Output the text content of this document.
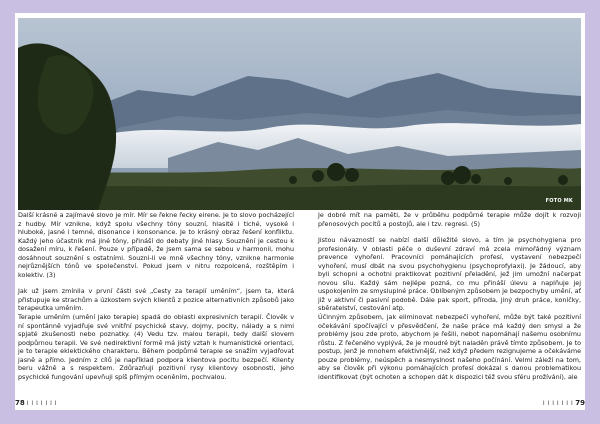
FOTO MK

Další krásné a zajímavé slovo je mír. Mír se řekne řecky eirene. Je to slovo pocházející z hudby. Mír vznikne, když spolu všechny tóny souzní, hlasité i tiché, vysoké i hluboké, jasné i temné, disonance i konsonance. Je to krásný obraz řešení konfliktu. Každý jeho účastník má jiné tóny, přináší do debaty jiné hlasy. Souznění je cestou k dosažení míru, k řešení. Pouze v případě, že jsem sama se sebou v harmonii, mohu dosáhnout souznění s ostatními. Souzni-li ve mně všechny tóny, vznikne harmonie nejrůznějších tónů ve společenství. Pokud jsem v nitru rozpolcená, rozštěpím i kolektiv. (3)

Jak už jsem zmínila v první části své „Cesty za terapií uměním“, jsem ta, která přistupuje ke strachům a úzkostem svých klientů z pozice alternativních způsobů jako terapeutka uměním.

Terapie uměním (umění jako terapie) spadá do oblasti expresivních terapií. Člověk v ní spontánně vyjadřuje své vnitřní psychické stavy, dojmy, pocity, nálady a s nimi spjaté zkušenosti nebo poznatky. (4) Vedu tzv. malou terapii, tedy další slovem podpůrnou terapii. Ve své nedirektivní formě má jistý vztah k humanistické orientaci, je to terapie eklektického charakteru. Během podpůrné terapie se snažím vyjadřovat jasně a přímo. Jedním z cílů je například podpora klientova pocitu bezpečí. Klienty beru vážně a s respektem. Zdůrazňuji pozitivní rysy klientovy osobnosti, jeho psychické fungování upevňuji spíš přímým oceněním, pochvalou.

Je dobré mít na paměti, že v průběhu podpůrné terapie může dojít k rozvoji přenosových pocitů a postojů, ale i tzv. regresi. (5)

Jistou návazností se nabízí další důležité slovo, a tím je psychohygiena pro profesionály. V oblasti péče o duševní zdraví má zcela mimořádný význam prevence vyhoření. Pracovníci pomáhajících profesí, vystavení nebezpečí vyhoření, musí dbát na svou psychohygienu (psychoprofylaxi). Je žádoucí, aby byli schopni a ochotni praktikovat pozitivní přeladění, jež jim umožní načerpat novou sílu. Každý sám nejlépe pozná, co mu přináší úlevu a naplňuje jej uspokojením ze smysluplné práce. Oblíbeným způsobem je bezpochyby umění, ať již v aktivní či pasivní podobě. Dále pak sport, příroda, jiný druh práce, koníčky, sběratelství, cestování atp.

Účinným způsobem, jak eliminovat nebezpečí vyhoření, může být také pozitivní očekávání spočívající v přesvědčení, že naše práce má každý den smysl a že problémy jsou zde proto, abychom je řešili, nebot napomáhají našemu osobnímu růstu. Z řečeného vyplývá, že je moudré být naladěn právě tímto způsobem. Je to postup, jenž je mnohem efektivnější, než když předem rezignujeme a očekáváme pouze problémy, neúspěch a nesmyslnost našeho počínání. Velmi záleží na tom, aby se člověk při výkonu pomáhajících profesí dokázal s danou problematikou identifikovat (být ochoten a schopen dát k dispozici též svou sféru prožívání), ale

78 I I I I I I I	I I I I I I I 79
